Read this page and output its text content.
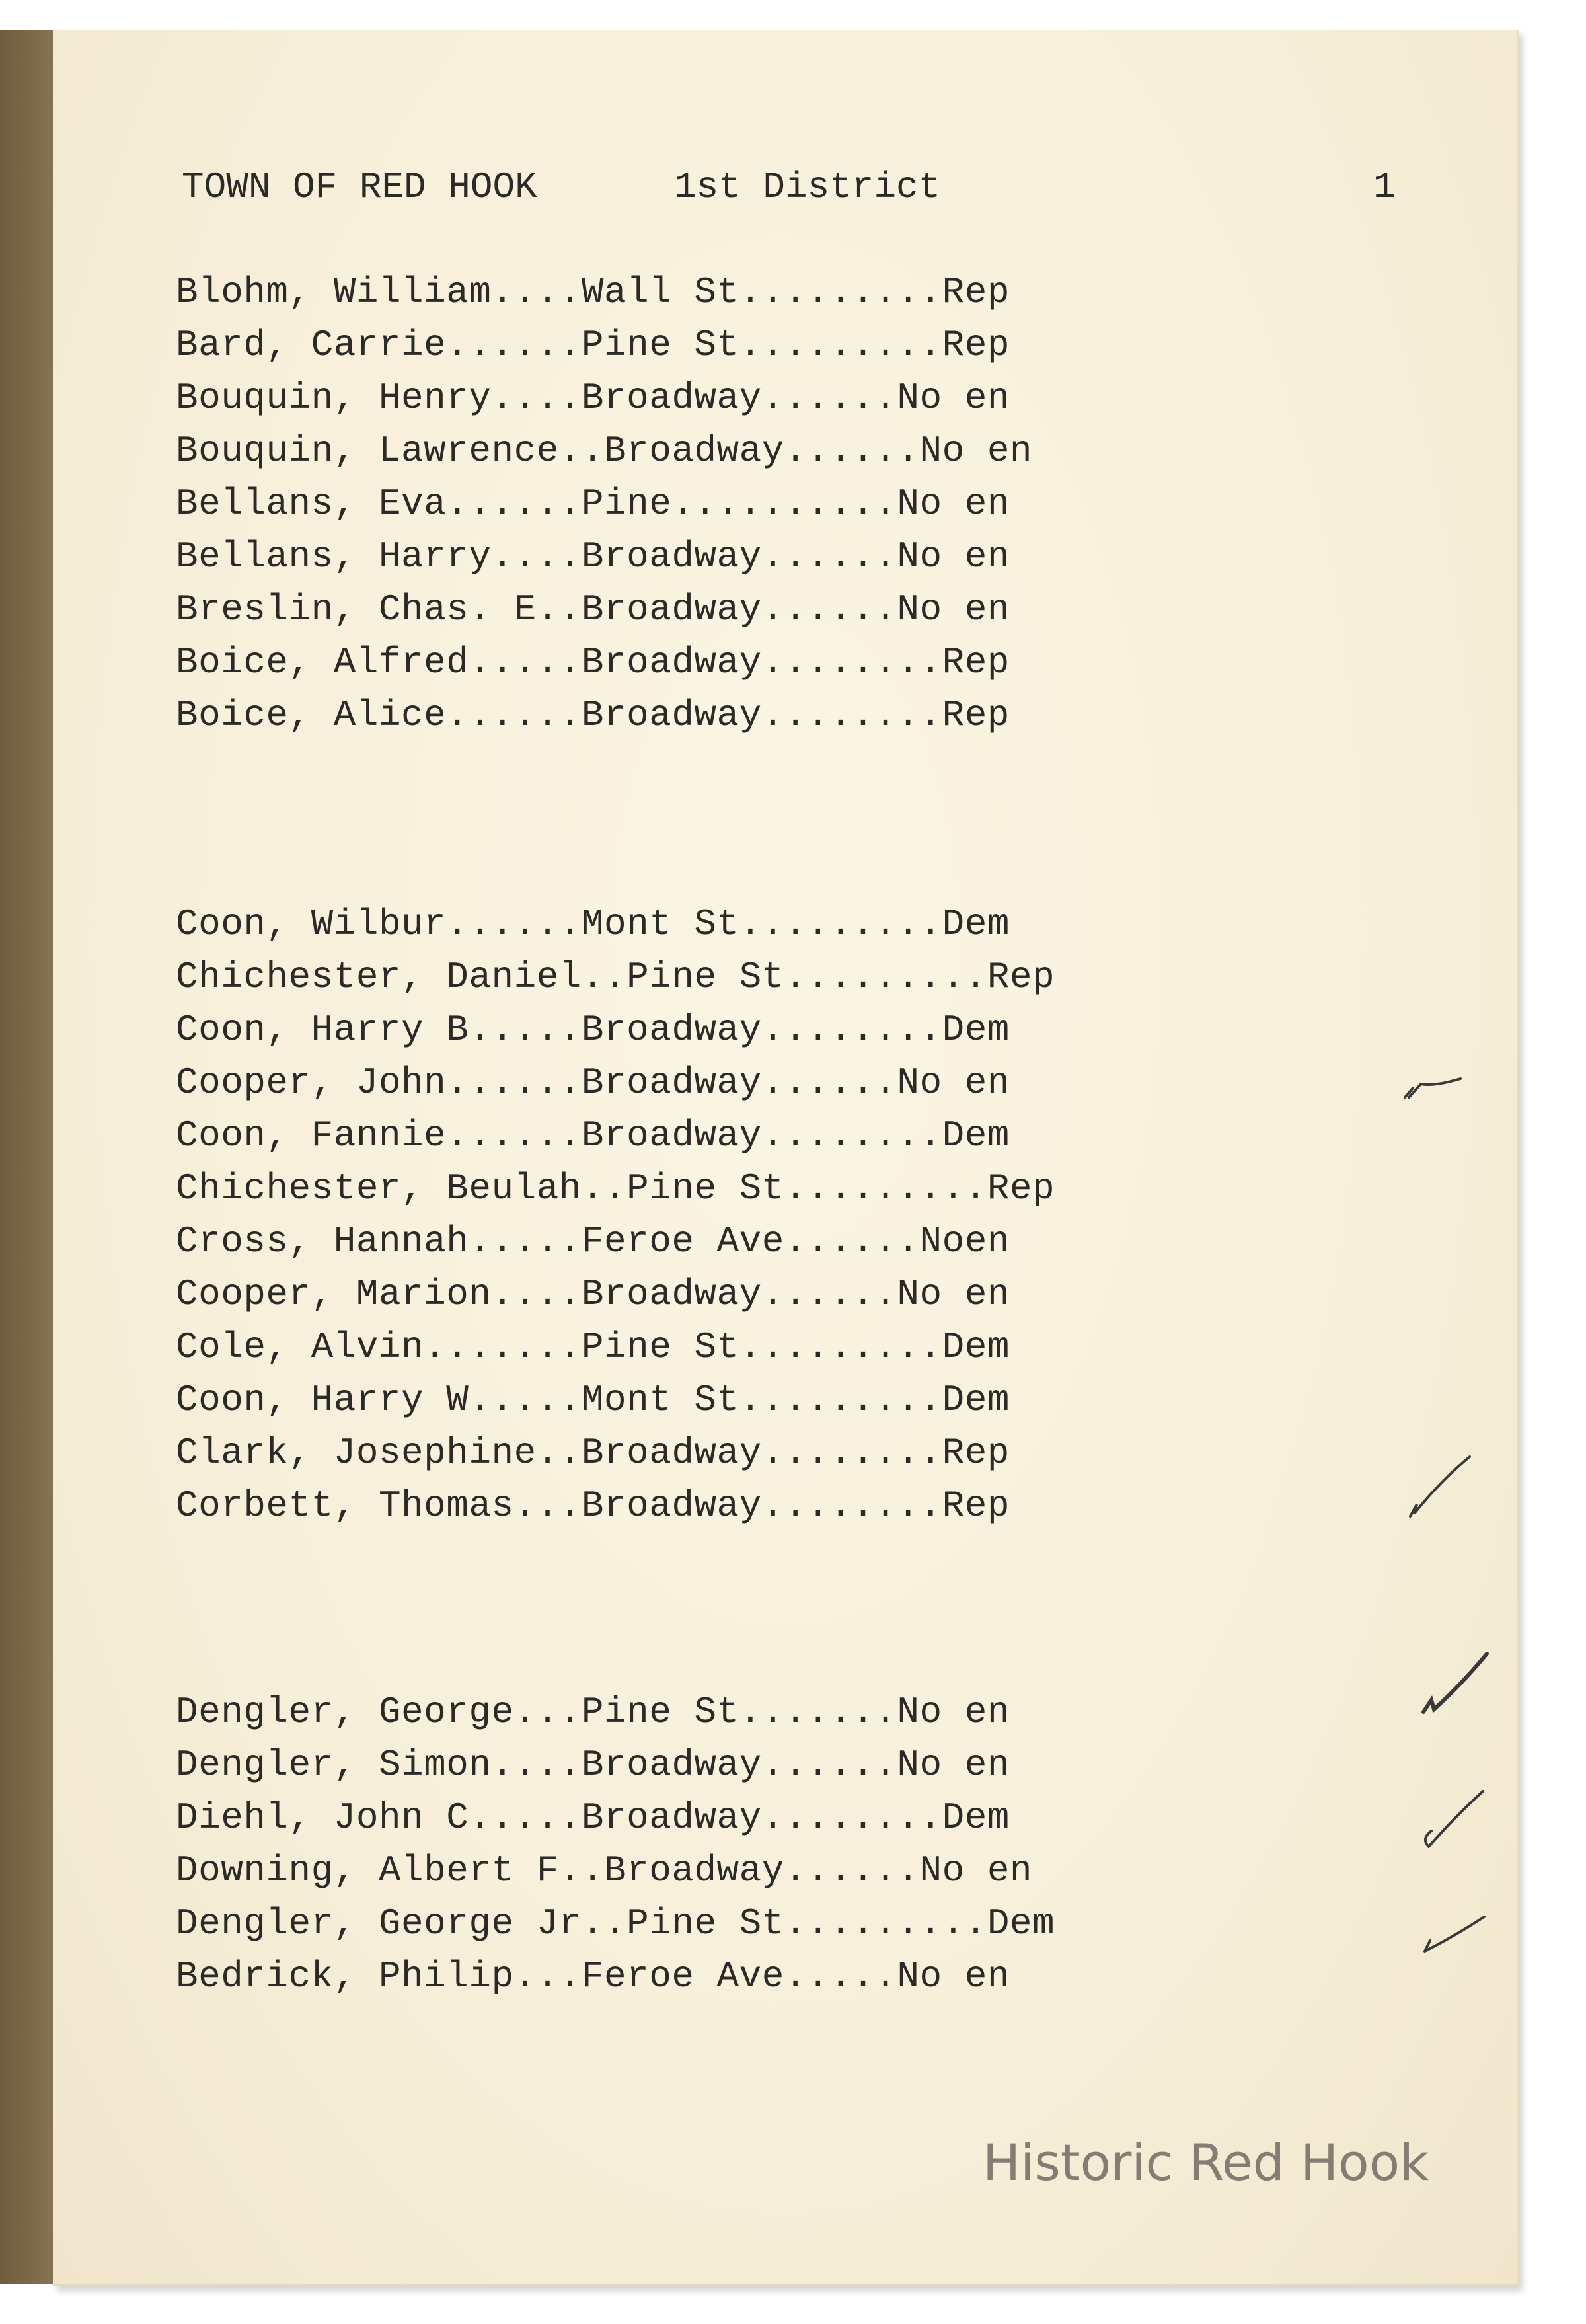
TOWN OF RED HOOK	1st District	1
Blohm, William .... Wall St ......... Rep
Bard, Carrie ...... Pine St ......... Rep
Bouquin, Henry .... Broadway ...... No en
Bouquin, Lawrence .. Broadway ...... No en
Bellans, Eva ...... Pine .......... No en
Bellans, Harry .... Broadway ...... No en
Breslin, Chas. E .. Broadway ...... No en
Boice, Alfred ..... Broadway ........ Rep
Boice, Alice ...... Broadway ........ Rep
Coon, Wilbur ...... Mont St ......... Dem
Chichester, Daniel .. Pine St ......... Rep
Coon, Harry B ..... Broadway ........ Dem
Cooper, John ...... Broadway ...... No en
Coon, Fannie ...... Broadway ........ Dem
Chichester, Beulah .. Pine St ......... Rep
Cross, Hannah ..... Feroe Ave ...... Noen
Cooper, Marion .... Broadway ...... No en
Cole, Alvin ....... Pine St ......... Dem
Coon, Harry W ..... Mont St ......... Dem
Clark, Josephine .. Broadway ........ Rep
Corbett, Thomas ... Broadway ........ Rep
Dengler, George ... Pine St ....... No en
Dengler, Simon .... Broadway ...... No en
Diehl, John C ..... Broadway ........ Dem
Downing, Albert F .. Broadway ...... No en
Dengler, George Jr .. Pine St ......... Dem
Bedrick, Philip ... Feroe Ave ..... No en
Historic Red Hook
